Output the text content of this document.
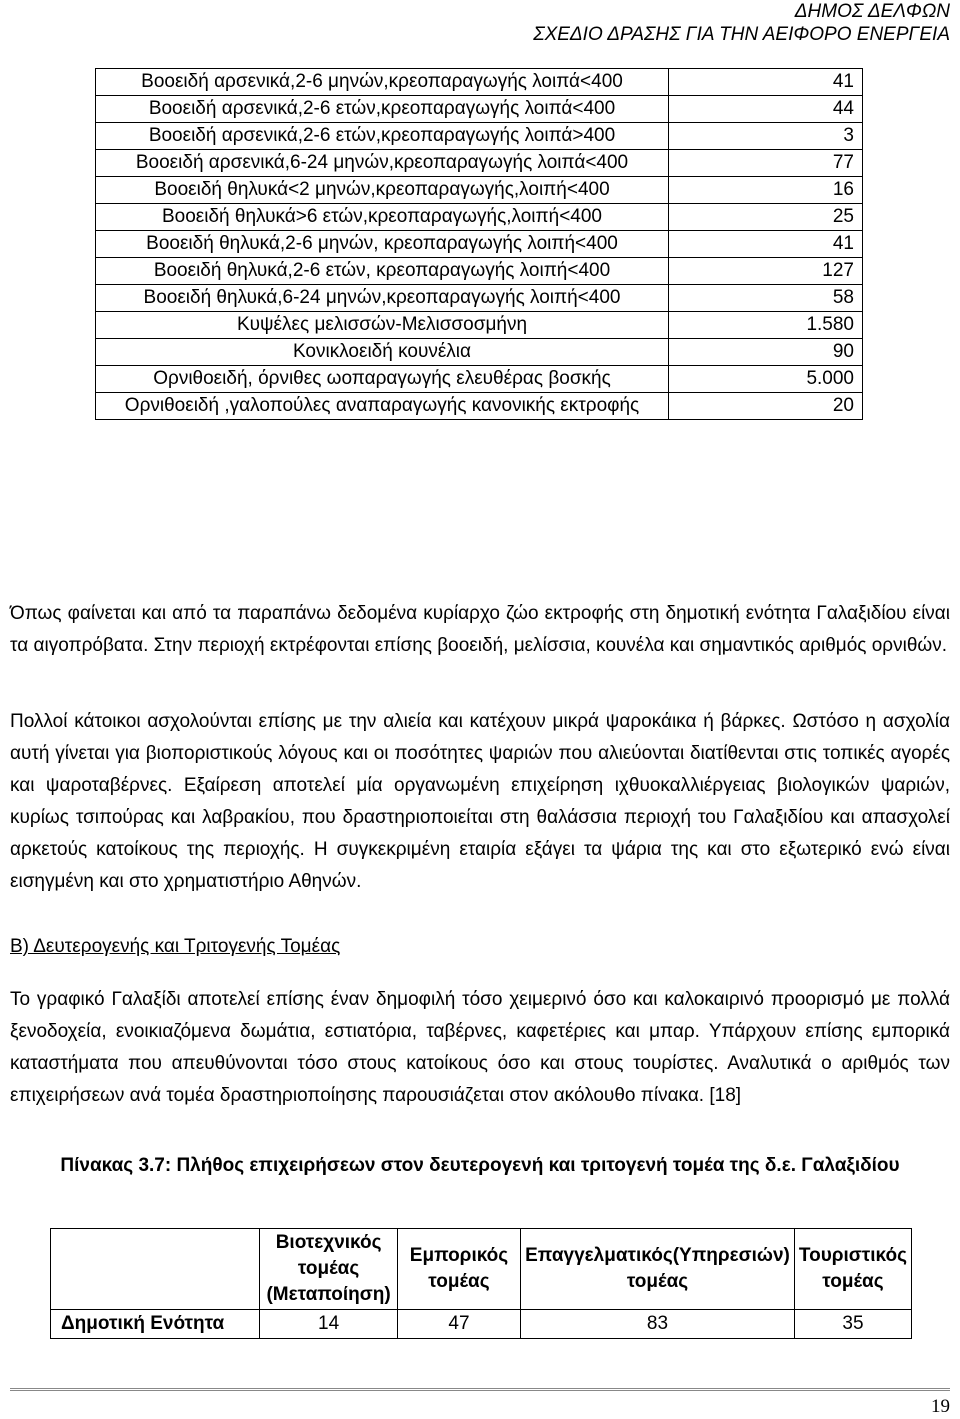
ΔΗΜΟΣ ΔΕΛΦΩΝ
ΣΧΕΔΙΟ ΔΡΑΣΗΣ ΓΙΑ ΤΗΝ ΑΕΙΦΟΡΟ ΕΝΕΡΓΕΙΑ
Βοοειδή αρσενικά,2-6 μηνών,κρεοπαραγωγής λοιπά<400	41
Βοοειδή αρσενικά,2-6 ετών,κρεοπαραγωγής λοιπά<400	44
Βοοειδή αρσενικά,2-6 ετών,κρεοπαραγωγής λοιπά>400	3
Βοοειδή αρσενικά,6-24 μηνών,κρεοπαραγωγής λοιπά<400	77
Βοοειδή θηλυκά<2 μηνών,κρεοπαραγωγής,λοιπή<400	16
Βοοειδή θηλυκά>6 ετών,κρεοπαραγωγής,λοιπή<400	25
Βοοειδή θηλυκά,2-6 μηνών, κρεοπαραγωγής λοιπή<400	41
Βοοειδή θηλυκά,2-6 ετών, κρεοπαραγωγής λοιπή<400	127
Βοοειδή θηλυκά,6-24 μηνών,κρεοπαραγωγής λοιπή<400	58
Κυψέλες μελισσών-Μελισσοσμήνη	1.580
Κονικλοειδή κουνέλια	90
Ορνιθοειδή, όρνιθες ωοπαραγωγής ελευθέρας βοσκής	5.000
Ορνιθοειδή ,γαλοπούλες αναπαραγωγής κανονικής εκτροφής	20

Όπως φαίνεται και από τα παραπάνω δεδομένα κυρίαρχο ζώο εκτροφής στη δημοτική ενότητα Γαλαξιδίου είναι τα αιγοπρόβατα. Στην περιοχή εκτρέφονται επίσης βοοειδή, μελίσσια, κουνέλα και σημαντικός αριθμός ορνιθών.

Πολλοί κάτοικοι ασχολούνται επίσης με την αλιεία και κατέχουν μικρά ψαροκάικα ή βάρκες. Ωστόσο η ασχολία αυτή γίνεται για βιοποριστικούς λόγους και οι ποσότητες ψαριών που αλιεύονται διατίθενται στις τοπικές αγορές και ψαροταβέρνες. Εξαίρεση αποτελεί μία οργανωμένη επιχείρηση ιχθυοκαλλιέργειας βιολογικών ψαριών, κυρίως τσιπούρας και λαβρακίου, που δραστηριοποιείται στη θαλάσσια περιοχή του Γαλαξιδίου και απασχολεί αρκετούς κατοίκους της περιοχής. Η συγκεκριμένη εταιρία εξάγει τα ψάρια της και στο εξωτερικό ενώ είναι εισηγμένη και στο χρηματιστήριο Αθηνών.

Β) Δευτερογενής και Τριτογενής Τομέας

Το γραφικό Γαλαξίδι αποτελεί επίσης έναν δημοφιλή τόσο χειμερινό όσο και καλοκαιρινό προορισμό με πολλά ξενοδοχεία, ενοικιαζόμενα δωμάτια, εστιατόρια, ταβέρνες, καφετέριες και μπαρ. Υπάρχουν επίσης εμπορικά καταστήματα που απευθύνονται τόσο στους κατοίκους όσο και στους τουρίστες. Αναλυτικά ο αριθμός των επιχειρήσεων ανά τομέα δραστηριοποίησης παρουσιάζεται στον ακόλουθο πίνακα. [18]

Πίνακας 3.7: Πλήθος επιχειρήσεων στον δευτερογενή και τριτογενή τομέα της δ.ε. Γαλαξιδίου

	Βιοτεχνικός τομέας (Μεταποίηση)	Εμπορικός τομέας	Επαγγελματικός(Υπηρεσιών) τομέας	Τουριστικός τομέας
Δημοτική Ενότητα	14	47	83	35
19
